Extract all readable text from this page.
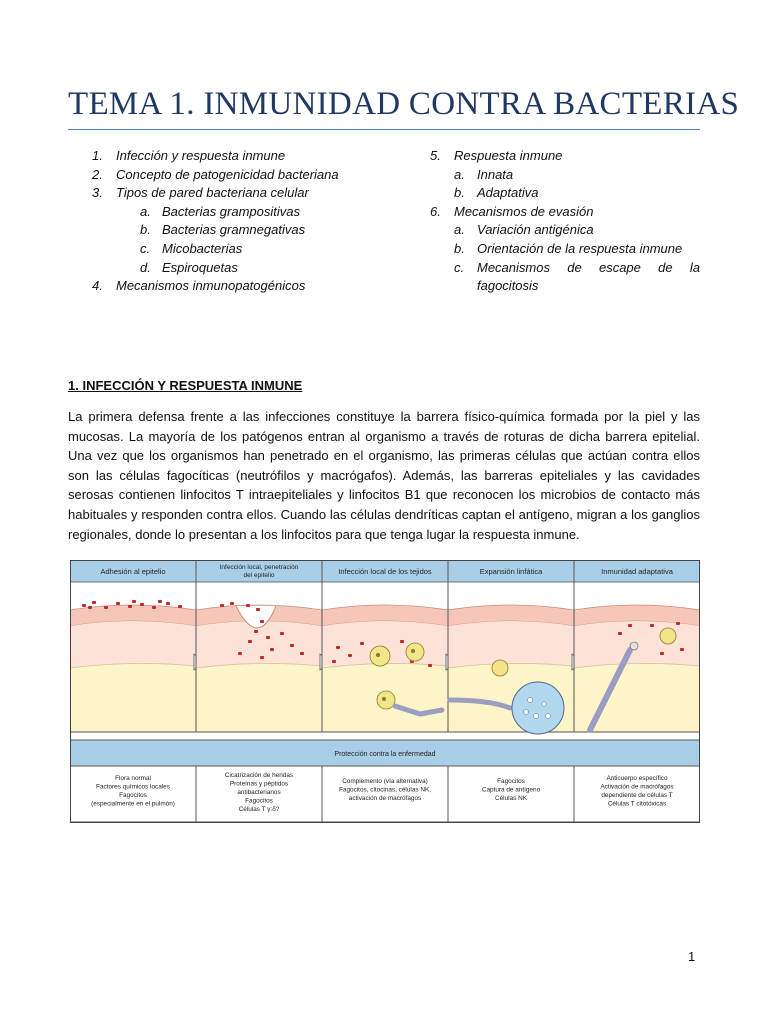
TEMA 1. INMUNIDAD CONTRA BACTERIAS
1. Infección y respuesta inmune
2. Concepto de patogenicidad bacteriana
3. Tipos de pared bacteriana celular
a. Bacterias grampositivas
b. Bacterias gramnegativas
c. Micobacterias
d. Espiroquetas
4. Mecanismos inmunopatogénicos
5. Respuesta inmune
a. Innata
b. Adaptativa
6. Mecanismos de evasión
a. Variación antigénica
b. Orientación de la respuesta inmune
c. Mecanismos de escape de la fagocitosis
1. INFECCIÓN Y RESPUESTA INMUNE
La primera defensa frente a las infecciones constituye la barrera físico-química formada por la piel y las mucosas. La mayoría de los patógenos entran al organismo a través de roturas de dicha barrera epitelial. Una vez que los organismos han penetrado en el organismo, las primeras células que actúan contra ellos son las células fagocíticas (neutrófilos y macrógafos). Además, las barreras epiteliales y las cavidades serosas contienen linfocitos T intraepiteliales y linfocitos B1 que reconocen los microbios de contacto más habituales y responden contra ellos. Cuando las células dendríticas captan el antígeno, migran a los ganglios regionales, donde lo presentan a los linfocitos para que tenga lugar la respuesta inmune.
Adhesión al epitelio
Flora normal
Factores químicos locales
Fagocitos
(especialmente en el pulmón)
Infección local, penetración
del epitelio
Cicatrización de heridas
Proteínas y péptidos
antibacterianos
Fagocitos
Células T γ:δ?
Infección local de los tejidos
Complemento (vía alternativa)
Fagocitos, citocinas, células NK,
activación de macrófagos
Expansión linfática
Fagocitos
Captura de antígeno
Células NK
Inmunidad adaptativa
Anticuerpo específico
Activación de macrófagos
dependiente de células T
Células T citotóxicas
Protección contra la enfermedad
1
